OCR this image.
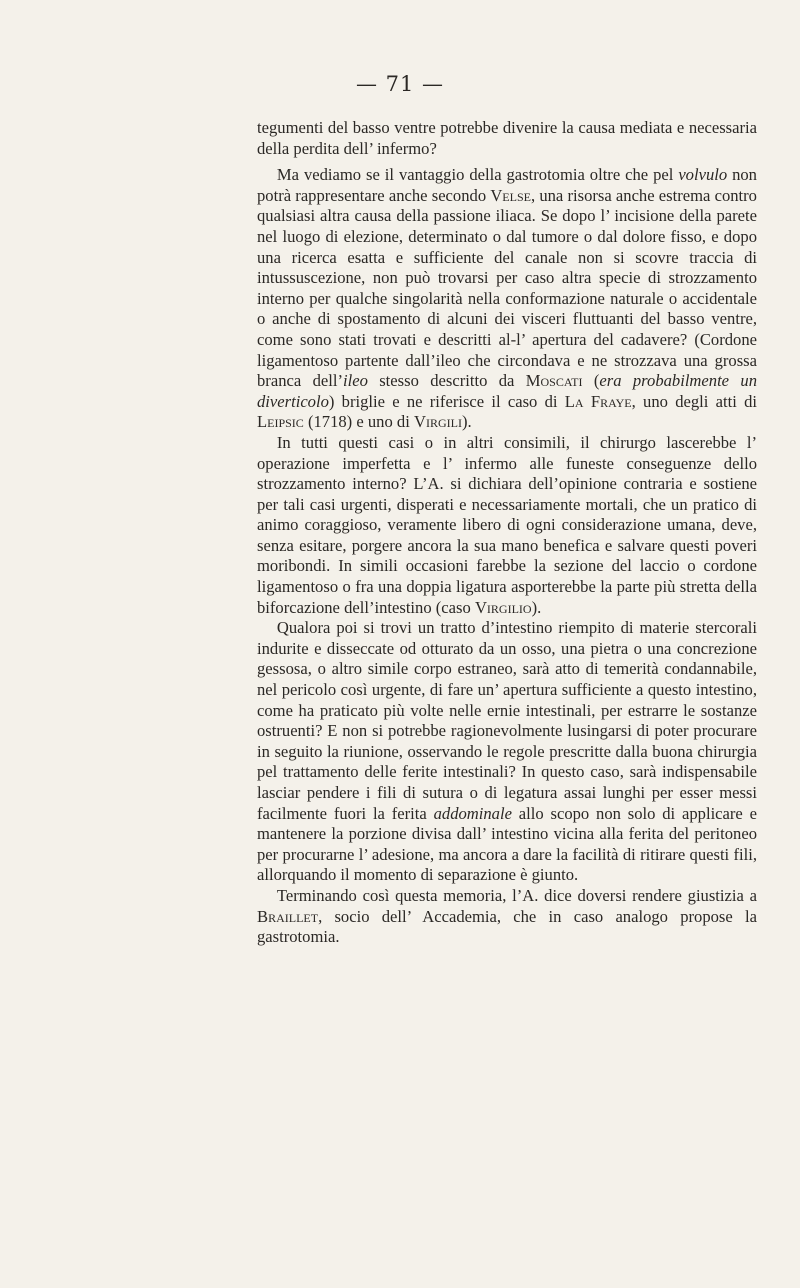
— 71 —

tegumenti del basso ventre potrebbe divenire la causa mediata e necessaria della perdita dell’ infermo?

Ma vediamo se il vantaggio della gastrotomia oltre che pel volvulo non potrà rappresentare anche secondo Velse, una risorsa anche estrema contro qualsiasi altra causa della passione iliaca. Se dopo l’ incisione della parete nel luogo di elezione, determinato o dal tumore o dal dolore fisso, e dopo una ricerca esatta e sufficiente del canale non si scovre traccia di intussuscezione, non può trovarsi per caso altra specie di strozzamento interno per qualche singolarità nella conformazione naturale o accidentale o anche di spostamento di alcuni dei visceri fluttuanti del basso ventre, come sono stati trovati e descritti al-l’ apertura del cadavere? (Cordone ligamentoso partente dall’ileo che circondava e ne strozzava una grossa branca dell’ileo stesso descritto da Moscati (era probabilmente un diverticolo) briglie e ne riferisce il caso di La Fraye, uno degli atti di Leipsic (1718) e uno di Virgili).

In tutti questi casi o in altri consimili, il chirurgo lascerebbe l’ operazione imperfetta e l’ infermo alle funeste conseguenze dello strozzamento interno? L’A. si dichiara dell’opinione contraria e sostiene per tali casi urgenti, disperati e necessariamente mortali, che un pratico di animo coraggioso, veramente libero di ogni considerazione umana, deve, senza esitare, porgere ancora la sua mano benefica e salvare questi poveri moribondi. In simili occasioni farebbe la sezione del laccio o cordone ligamentoso o fra una doppia ligatura asporterebbe la parte più stretta della biforcazione dell’intestino (caso Virgilio).

Qualora poi si trovi un tratto d’intestino riempito di materie stercorali indurite e disseccate od otturato da un osso, una pietra o una concrezione gessosa, o altro simile corpo estraneo, sarà atto di temerità condannabile, nel pericolo così urgente, di fare un’ apertura sufficiente a questo intestino, come ha praticato più volte nelle ernie intestinali, per estrarre le sostanze ostruenti? E non si potrebbe ragionevolmente lusingarsi di poter procurare in seguito la riunione, osservando le regole prescritte dalla buona chirurgia pel trattamento delle ferite intestinali? In questo caso, sarà indispensabile lasciar pendere i fili di sutura o di legatura assai lunghi per esser messi facilmente fuori la ferita addominale allo scopo non solo di applicare e mantenere la porzione divisa dall’ intestino vicina alla ferita del peritoneo per procurarne l’ adesione, ma ancora a dare la facilità di ritirare questi fili, allorquando il momento di separazione è giunto.

Terminando così questa memoria, l’A. dice doversi rendere giustizia a Braillet, socio dell’ Accademia, che in caso analogo propose la gastrotomia.
